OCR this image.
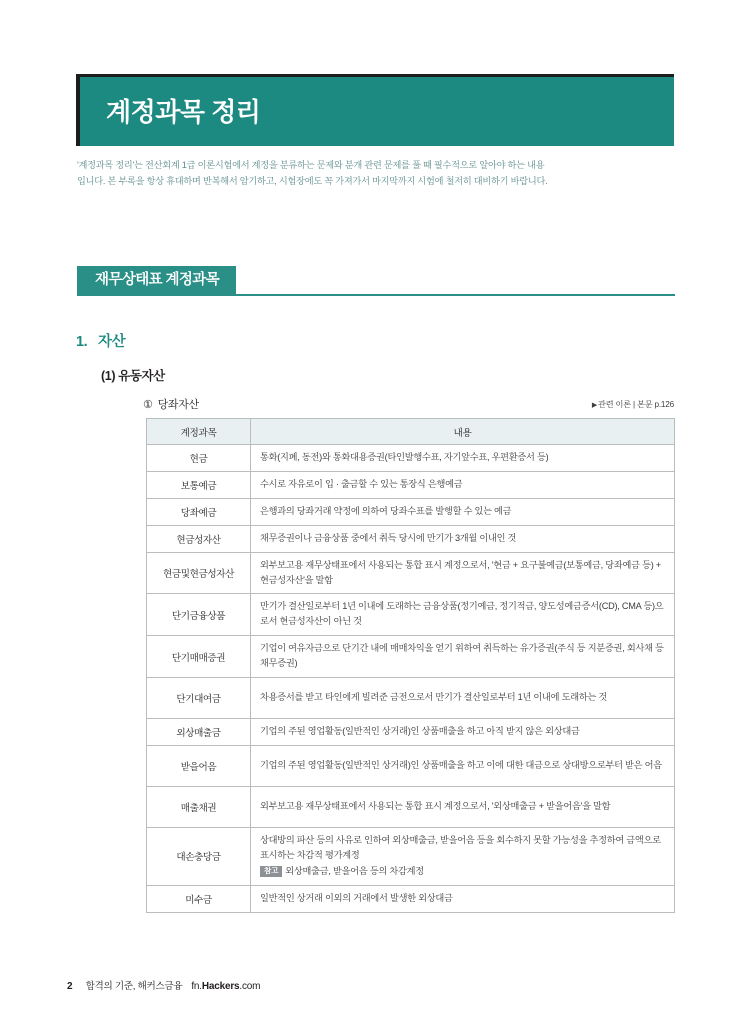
계정과목 정리

'계정과목 정리'는 전산회계 1급 이론시험에서 계정을 분류하는 문제와 분개 관련 문제를 풀 때 필수적으로 알아야 하는 내용

입니다. 본 부록을 항상 휴대하며 반복해서 암기하고, 시험장에도 꼭 가져가서 마지막까지 시험에 철저히 대비하기 바랍니다.

재무상태표 계정과목
1. 자산
(1) 유동자산
① 당좌자산	▶관련 이론 | 본문 p.126
계정과목	내용
현금	통화(지폐, 동전)와 통화대용증권(타인발행수표, 자기앞수표, 우편환증서 등)
보통예금	수시로 자유로이 입 · 출금할 수 있는 통장식 은행예금
당좌예금	은행과의 당좌거래 약정에 의하여 당좌수표를 발행할 수 있는 예금
현금성자산	채무증권이나 금융상품 중에서 취득 당시에 만기가 3개월 이내인 것
현금및현금성자산	외부보고용 재무상태표에서 사용되는 통합 표시 계정으로서, '현금 + 요구불예금(보통예금, 당좌예금 등) + 현금성자산'을 말함
단기금융상품	만기가 결산일로부터 1년 이내에 도래하는 금융상품(정기예금, 정기적금, 양도성예금증서(CD), CMA 등)으로서 현금성자산이 아닌 것
단기매매증권	기업이 여유자금으로 단기간 내에 매매차익을 얻기 위하여 취득하는 유가증권(주식 등 지분증권, 회사채 등 채무증권)
단기대여금	차용증서를 받고 타인에게 빌려준 금전으로서 만기가 결산일로부터 1년 이내에 도래하는 것
외상매출금	기업의 주된 영업활동(일반적인 상거래)인 상품매출을 하고 아직 받지 않은 외상대금
받을어음	기업의 주된 영업활동(일반적인 상거래)인 상품매출을 하고 이에 대한 대금으로 상대방으로부터 받은 어음
매출채권	외부보고용 재무상태표에서 사용되는 통합 표시 계정으로서, '외상매출금 + 받을어음'을 말함
대손충당금	상대방의 파산 등의 사유로 인하여 외상매출금, 받을어음 등을 회수하지 못할 가능성을 추정하여 금액으로 표시하는 차감적 평가계정
참고 외상매출금, 받을어음 등의 차감계정

미수금	일반적인 상거래 이외의 거래에서 발생한 외상대금
2 합격의 기준, 해커스금융 fn.Hackers.com
